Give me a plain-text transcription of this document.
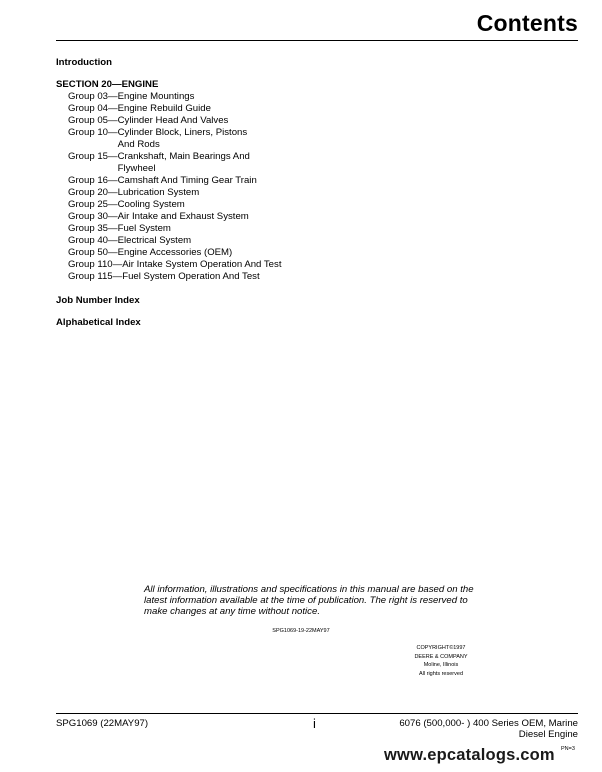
Contents
Introduction
SECTION 20—ENGINE
Group 03— Engine Mountings
Group 04— Engine Rebuild Guide
Group 05— Cylinder Head And Valves
Group 10— Cylinder Block, Liners, Pistons And Rods
Group 15— Crankshaft, Main Bearings And Flywheel
Group 16— Camshaft And Timing Gear Train
Group 20— Lubrication System
Group 25— Cooling System
Group 30— Air Intake and Exhaust System
Group 35— Fuel System
Group 40— Electrical System
Group 50— Engine Accessories (OEM)
Group 110— Air Intake System Operation And Test
Group 115— Fuel System Operation And Test
Job Number Index
Alphabetical Index
All information, illustrations and specifications in this manual are based on the latest information available at the time of publication. The right is reserved to make changes at any time without notice.
SPG1069-19-22MAY97
COPYRIGHT©1997
DEERE & COMPANY
Moline, Illinois
All rights reserved
SPG1069 (22MAY97)	i	6076 (500,000- ) 400 Series OEM, Marine
Diesel Engine
www.epcatalogs.com PN=3
